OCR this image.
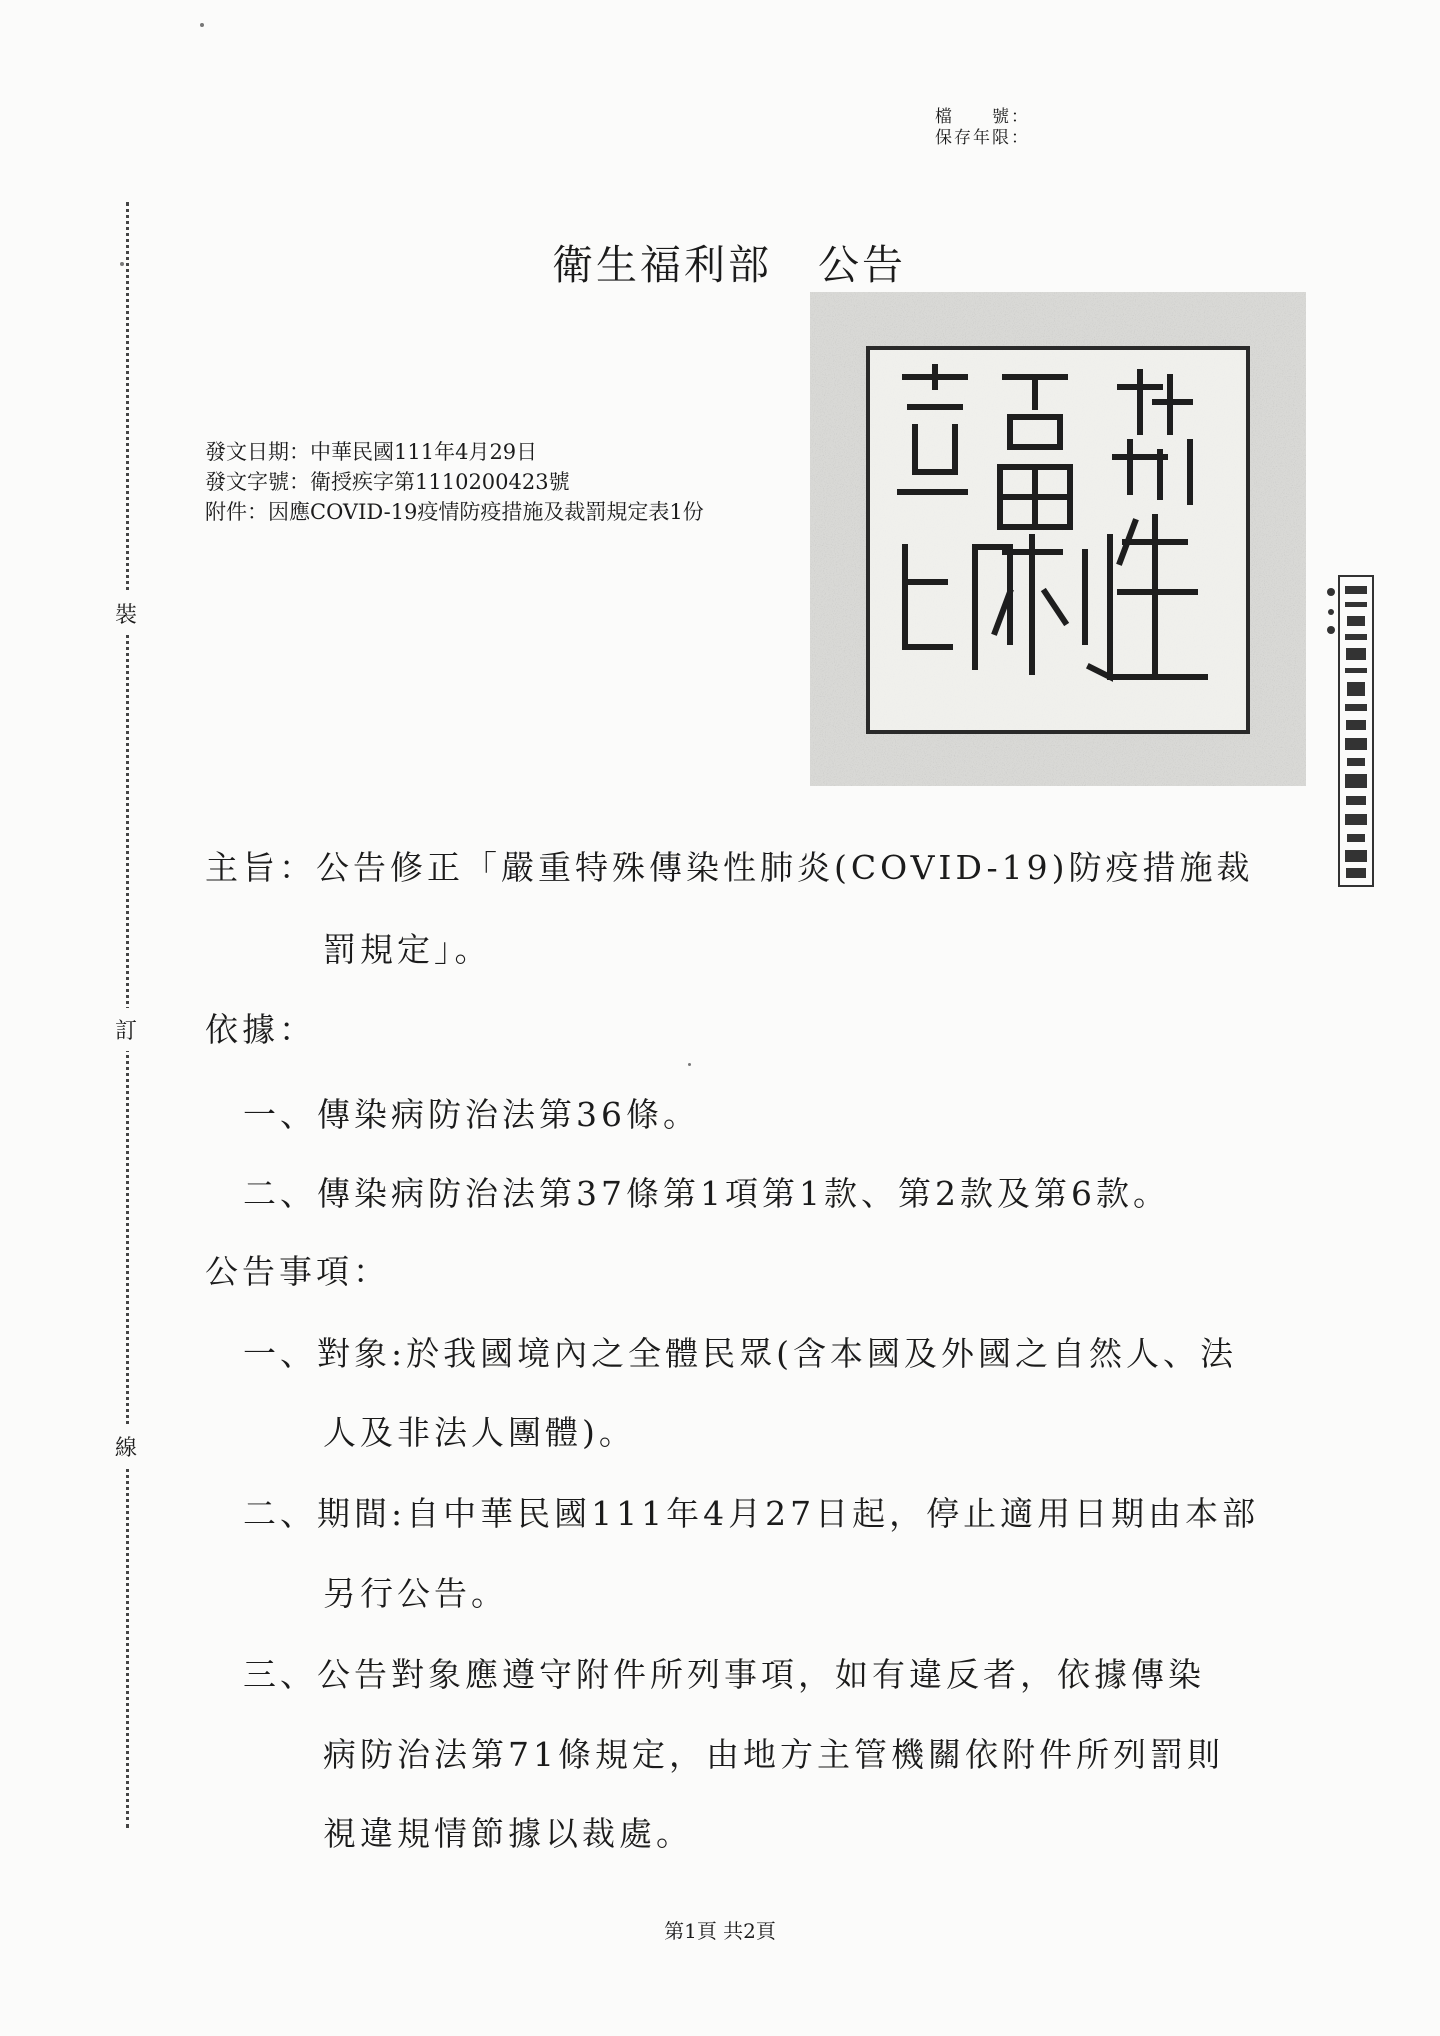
檔　　號：
保存年限：
裝
訂
線
衛生福利部 公告
發文日期：中華民國111年4月29日
發文字號：衛授疾字第1110200423號
附件：因應COVID-19疫情防疫措施及裁罰規定表1份
主旨：公告修正「嚴重特殊傳染性肺炎(COVID-19)防疫措施裁
罰規定」。
依據：
一、傳染病防治法第36條。
二、傳染病防治法第37條第1項第1款、第2款及第6款。
公告事項：
一、對象:於我國境內之全體民眾(含本國及外國之自然人、法
人及非法人團體)。
二、期間:自中華民國111年4月27日起，停止適用日期由本部
另行公告。
三、公告對象應遵守附件所列事項，如有違反者，依據傳染
病防治法第71條規定，由地方主管機關依附件所列罰則
視違規情節據以裁處。
第1頁 共2頁
